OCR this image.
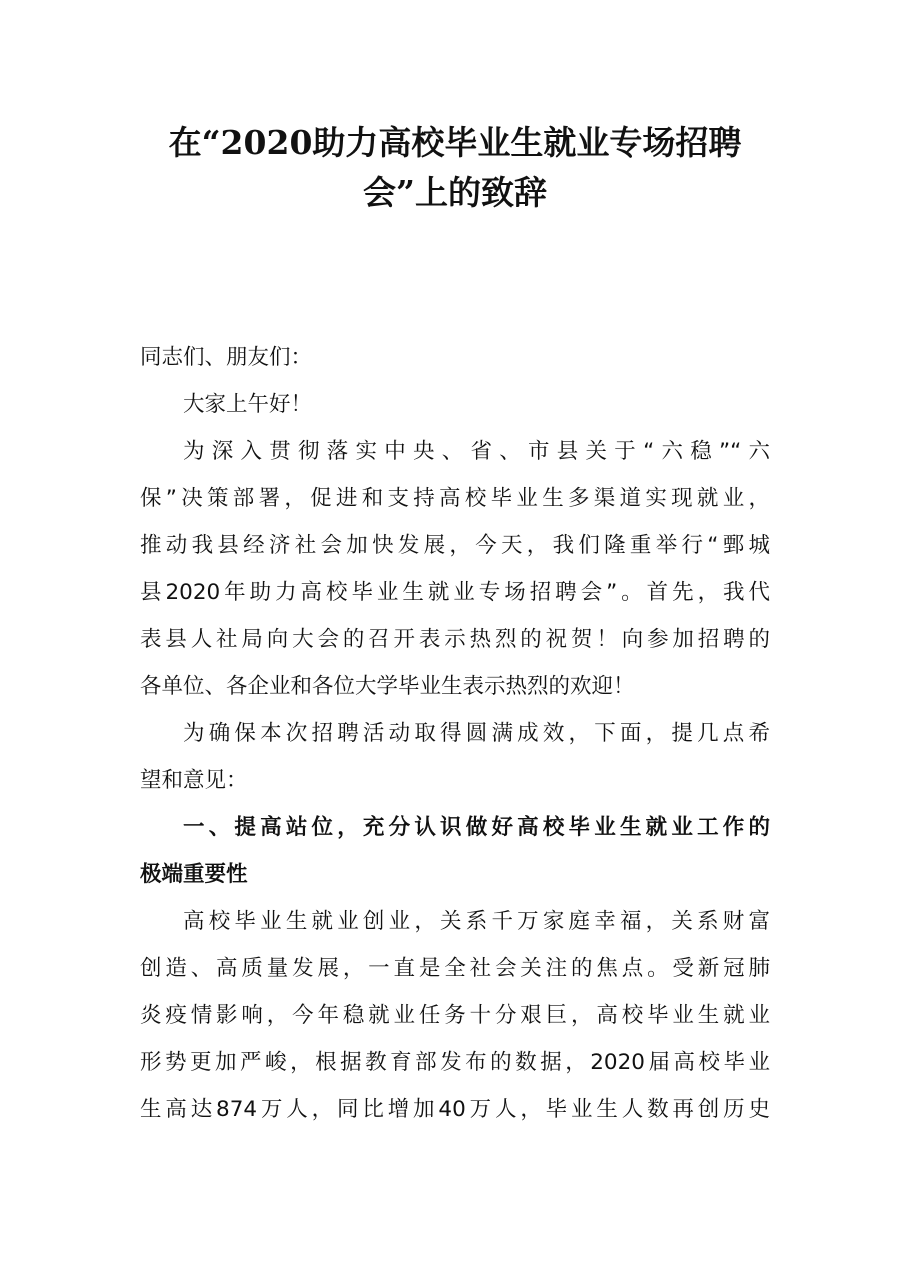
在“2020助力高校毕业生就业专场招聘
会”上的致辞

同志们、朋友们：

大家上午好！

为深入贯彻落实中央、省、市县关于“六稳”“六
保”决策部署，促进和支持高校毕业生多渠道实现就业，
推动我县经济社会加快发展，今天，我们隆重举行“鄄城
县2020年助力高校毕业生就业专场招聘会”。首先，我代
表县人社局向大会的召开表示热烈的祝贺！向参加招聘的
各单位、各企业和各位大学毕业生表示热烈的欢迎！

为确保本次招聘活动取得圆满成效，下面，提几点希
望和意见：

一、提高站位，充分认识做好高校毕业生就业工作的
极端重要性

高校毕业生就业创业，关系千万家庭幸福，关系财富
创造、高质量发展，一直是全社会关注的焦点。受新冠肺
炎疫情影响，今年稳就业任务十分艰巨，高校毕业生就业
形势更加严峻，根据教育部发布的数据，2020届高校毕业
生高达874万人，同比增加40万人，毕业生人数再创历史
